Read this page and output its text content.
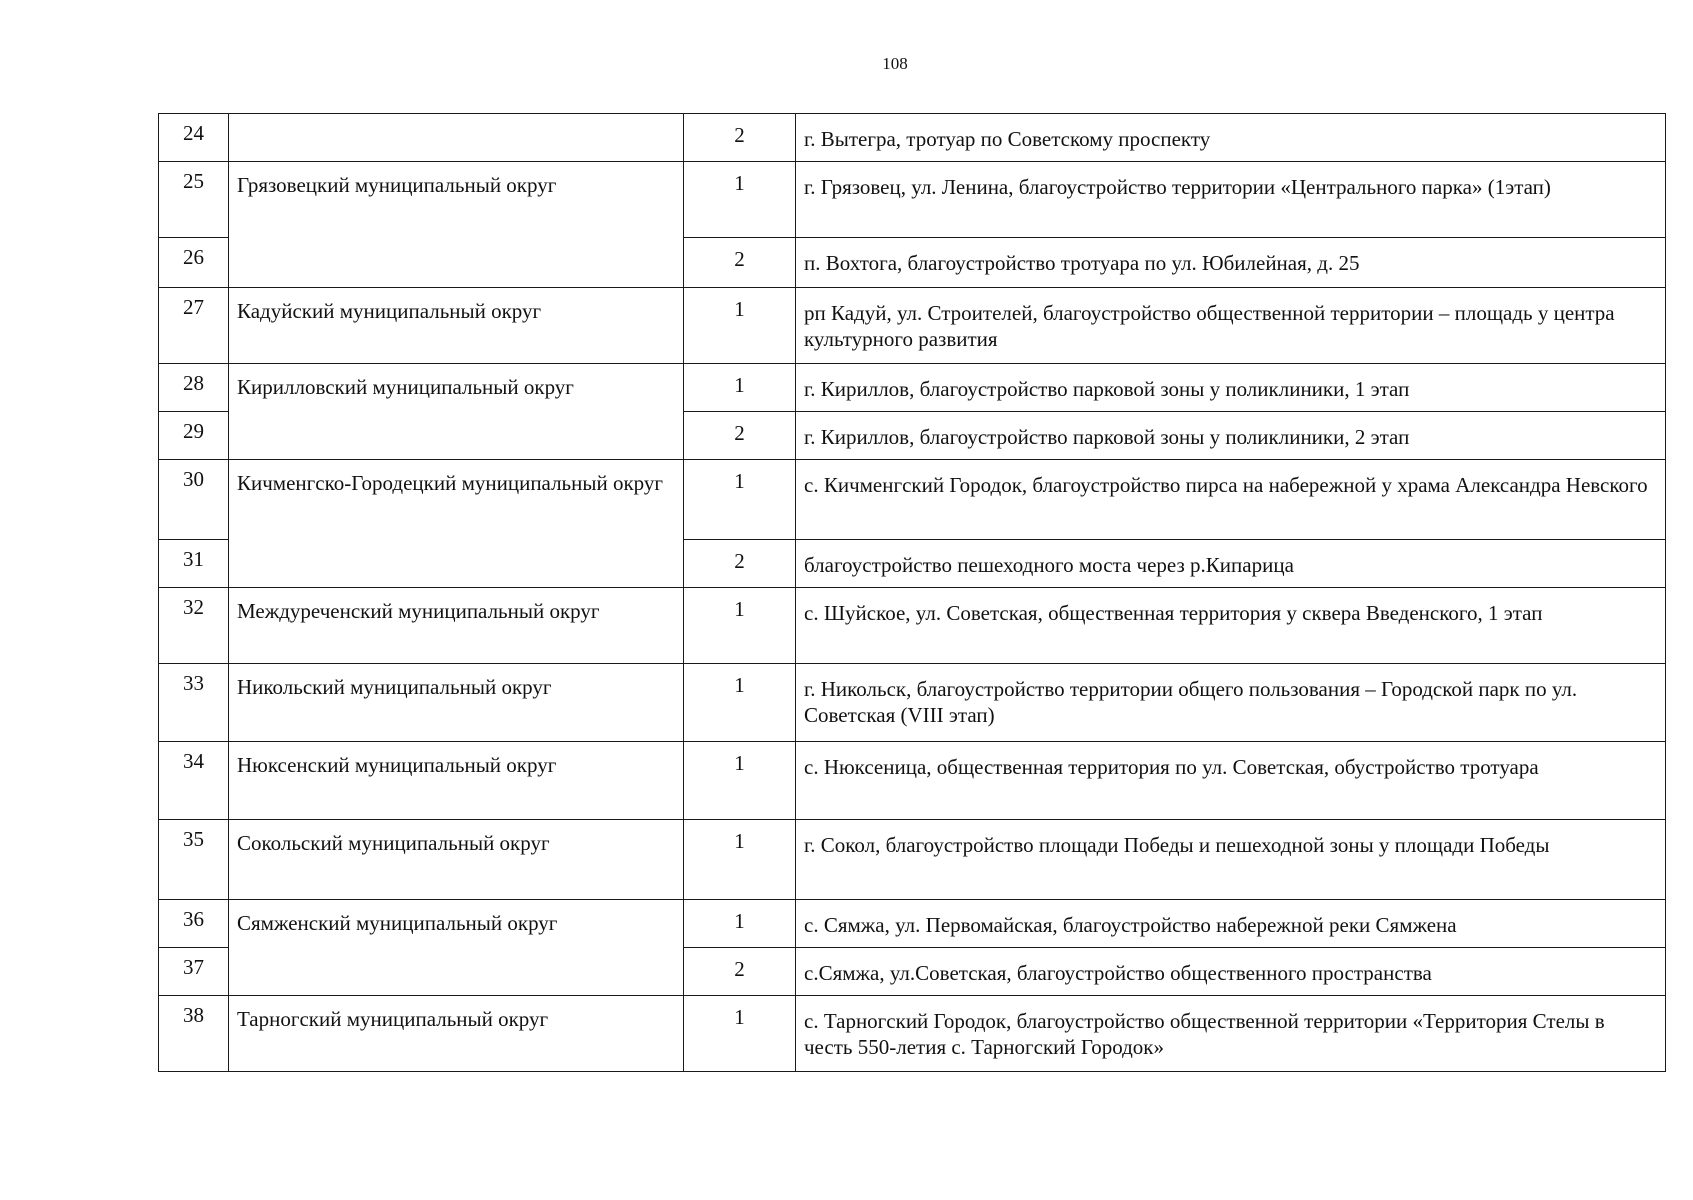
108
24		2	г. Вытегра, тротуар по Советскому проспекту
25	Грязовецкий муниципальный округ	1	г. Грязовец, ул. Ленина, благоустройство территории «Центрального парка» (1этап)
26		2	п. Вохтога, благоустройство тротуара по ул. Юбилейная, д. 25
27	Кадуйский муниципальный округ	1	рп Кадуй, ул. Строителей, благоустройство общественной территории – площадь у центра культурного развития
28	Кирилловский муниципальный округ	1	г. Кириллов, благоустройство парковой зоны у поликлиники, 1 этап
29		2	г. Кириллов, благоустройство парковой зоны у поликлиники, 2 этап
30	Кичменгско-Городецкий муниципальный округ	1	с. Кичменгский Городок, благоустройство пирса на набережной у храма Александра Невского
31		2	благоустройство пешеходного моста через р.Кипарица
32	Междуреченский муниципальный округ	1	с. Шуйское, ул. Советская, общественная территория у сквера Введенского, 1 этап
33	Никольский муниципальный округ	1	г. Никольск, благоустройство территории общего пользования – Городской парк по ул. Советская (VIII этап)
34	Нюксенский муниципальный округ	1	с. Нюксеница, общественная территория по ул. Советская, обустройство тротуара
35	Сокольский муниципальный округ	1	г. Сокол, благоустройство площади Победы и пешеходной зоны у площади Победы
36	Сямженский муниципальный округ	1	с. Сямжа, ул. Первомайская, благоустройство набережной реки Сямжена
37		2	с.Сямжа, ул.Советская, благоустройство общественного пространства
38	Тарногский муниципальный округ	1	с. Тарногский Городок, благоустройство общественной территории «Территория Стелы в честь 550-летия с. Тарногский Городок»
